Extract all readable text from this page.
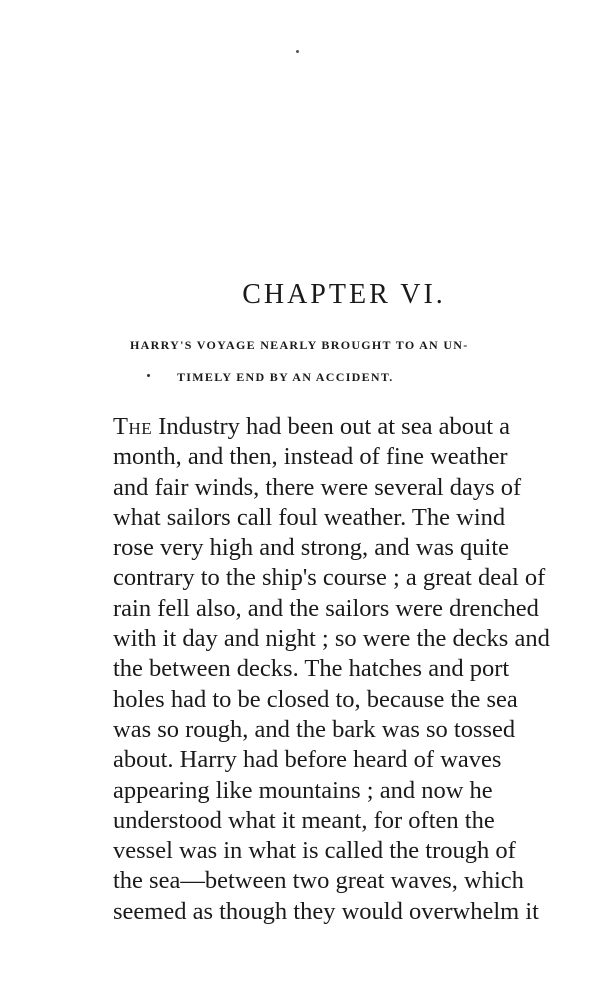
CHAPTER VI.
HARRY'S VOYAGE NEARLY BROUGHT TO AN UN-
TIMELY END BY AN ACCIDENT.
The Industry had been out at sea about a
month, and then, instead of fine weather
and fair winds, there were several days of
what sailors call foul weather. The wind
rose very high and strong, and was quite
contrary to the ship's course ; a great deal of
rain fell also, and the sailors were drenched
with it day and night ; so were the decks and
the between decks. The hatches and port
holes had to be closed to, because the sea
was so rough, and the bark was so tossed
about. Harry had before heard of waves
appearing like mountains ; and now he
understood what it meant, for often the
vessel was in what is called the trough of
the sea—between two great waves, which
seemed as though they would overwhelm it
